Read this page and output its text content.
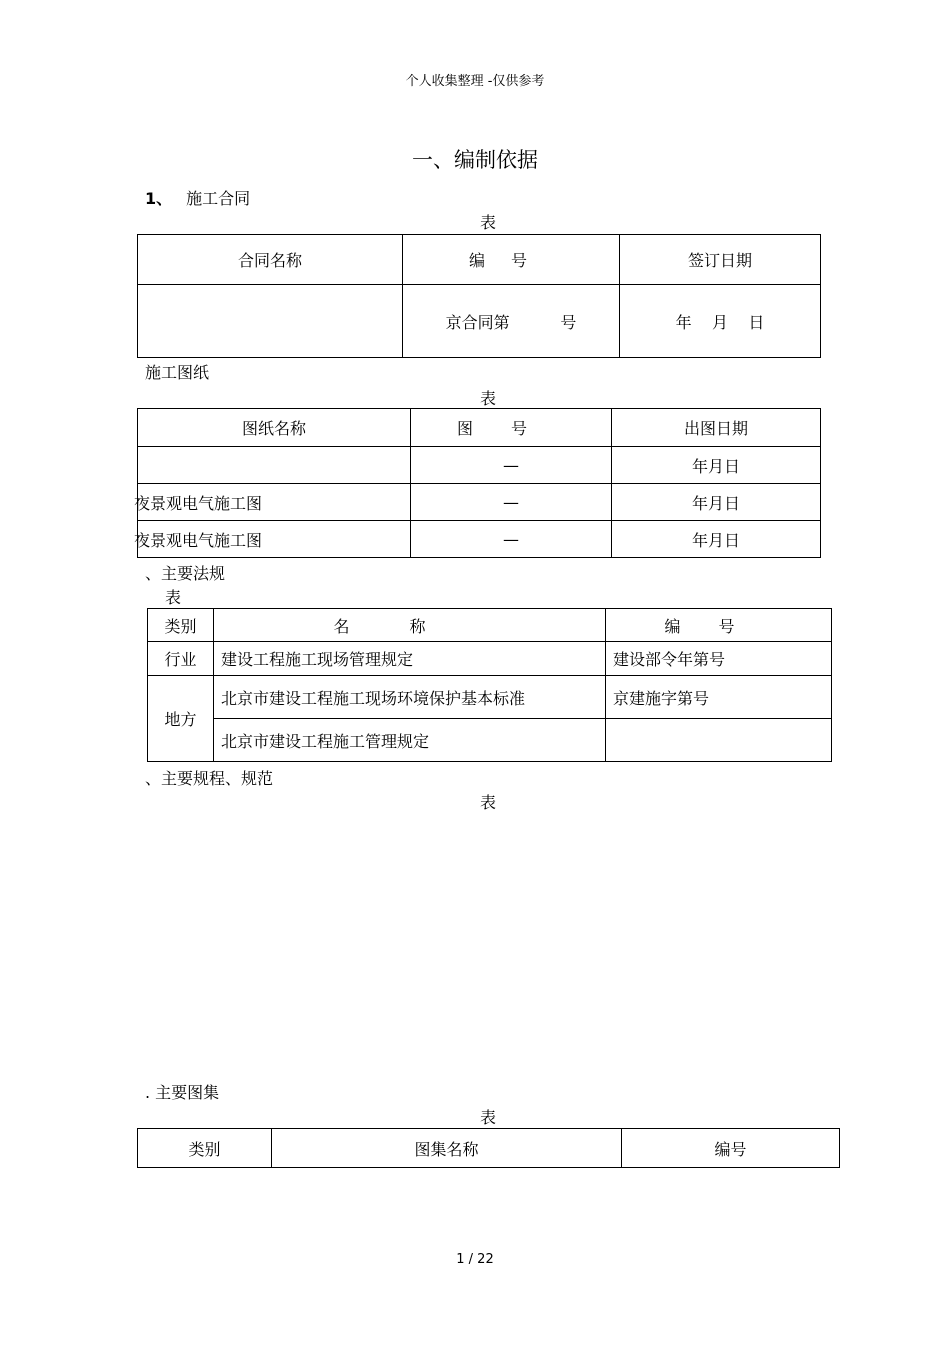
个人收集整理 -仅供参考
一、编制依据
1、 施工合同
表
合同名称	编号	签订日期
	京合同第          号	年    月    日
施工图纸
表
图纸名称	图号	出图日期
	—	年月日
夜景观电气施工图	—	年月日
夜景观电气施工图	—	年月日
、主要法规
表
类别	名称	编号
行业	建设工程施工现场管理规定	建设部令年第号
地方	北京市建设工程施工现场环境保护基本标准	京建施字第号
	北京市建设工程施工管理规定	
、主要规程、规范
表
. 主要图集
表
类别	图集名称	编号
1 / 22
